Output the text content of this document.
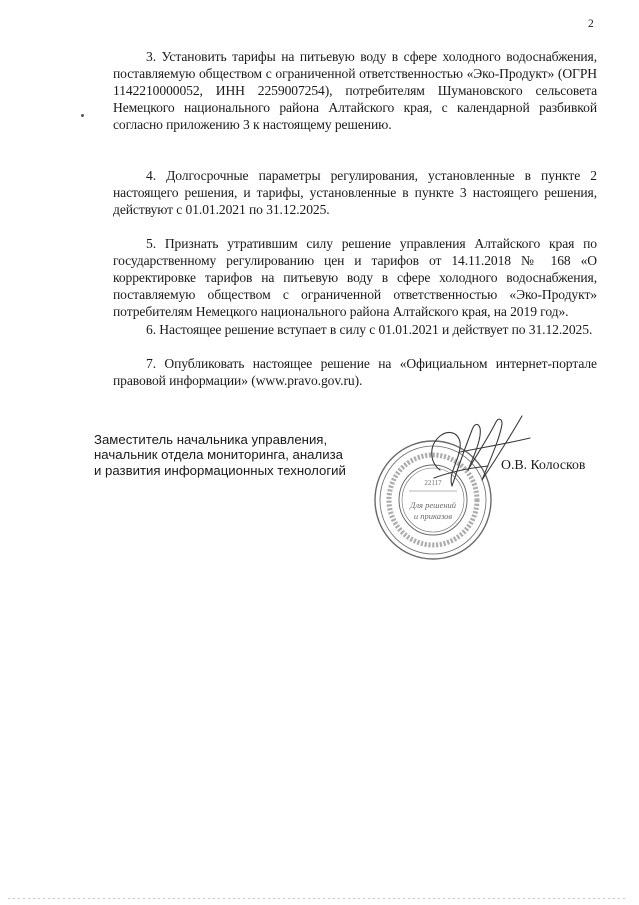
2

3. Установить тарифы на питьевую воду в сфере холодного водоснабжения, поставляемую обществом с ограниченной ответственностью «Эко-Продукт» (ОГРН 1142210000052, ИНН 2259007254), потребителям Шумановского сельсовета Немецкого национального района Алтайского края, с календарной разбивкой согласно приложению 3 к настоящему решению.

4. Долгосрочные параметры регулирования, установленные в пункте 2 настоящего решения, и тарифы, установленные в пункте 3 настоящего решения, действуют с 01.01.2021 по 31.12.2025.

5. Признать утратившим силу решение управления Алтайского края по государственному регулированию цен и тарифов от 14.11.2018 № 168 «О корректировке тарифов на питьевую воду в сфере холодного водоснабжения, поставляемую обществом с ограниченной ответственностью «Эко-Продукт» потребителям Немецкого национального района Алтайского края, на 2019 год».

6. Настоящее решение вступает в силу с 01.01.2021 и действует по 31.12.2025.

7. Опубликовать настоящее решение на «Официальном интернет-портале правовой информации» (www.pravo.gov.ru).

Заместитель начальника управления,
начальник отдела мониторинга, анализа
и развития информационных технологий
Для решений
и приказов
22117
О.В. Колосков
